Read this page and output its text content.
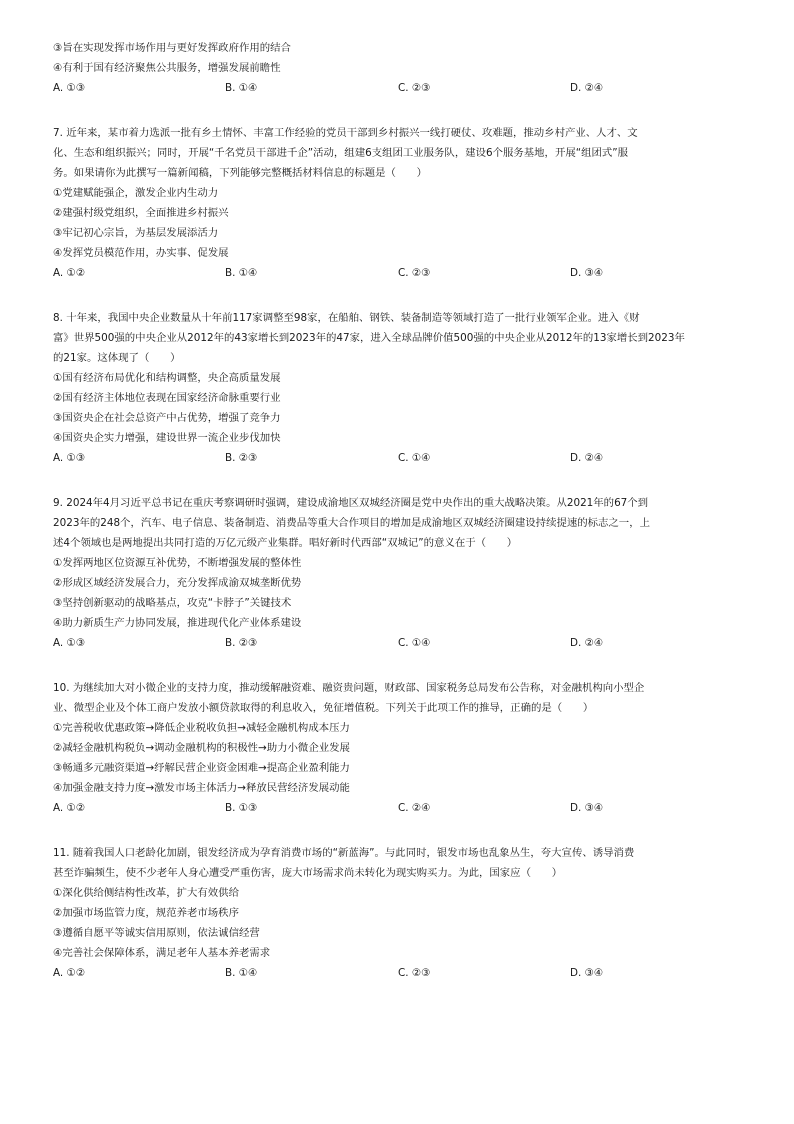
③旨在实现发挥市场作用与更好发挥政府作用的结合
④有利于国有经济聚焦公共服务，增强发展前瞻性
A. ①③	B. ①④	C. ②③	D. ②④
7. 近年来，某市着力选派一批有乡土情怀、丰富工作经验的党员干部到乡村振兴一线打硬仗、攻难题，推动乡村产业、人才、文
化、生态和组织振兴；同时，开展“千名党员干部进千企”活动，组建6支组团工业服务队，建设6个服务基地，开展“组团式”服
务。如果请你为此撰写一篇新闻稿，下列能够完整概括材料信息的标题是（　　）
①党建赋能强企，激发企业内生动力
②建强村级党组织，全面推进乡村振兴
③牢记初心宗旨，为基层发展添活力
④发挥党员模范作用，办实事、促发展
A. ①②	B. ①④	C. ②③	D. ③④
8. 十年来，我国中央企业数量从十年前117家调整至98家，在船舶、钢铁、装备制造等领域打造了一批行业领军企业。进入《财
富》世界500强的中央企业从2012年的43家增长到2023年的47家，进入全球品牌价值500强的中央企业从2012年的13家增长到2023年
的21家。这体现了（　　）
①国有经济布局优化和结构调整，央企高质量发展
②国有经济主体地位表现在国家经济命脉重要行业
③国资央企在社会总资产中占优势，增强了竞争力
④国资央企实力增强，建设世界一流企业步伐加快
A. ①③	B. ②③	C. ①④	D. ②④
9. 2024年4月习近平总书记在重庆考察调研时强调，建设成渝地区双城经济圈是党中央作出的重大战略决策。从2021年的67个到
2023年的248个，汽车、电子信息、装备制造、消费品等重大合作项目的增加是成渝地区双城经济圈建设持续提速的标志之一，上
述4个领域也是两地提出共同打造的万亿元级产业集群。唱好新时代西部“双城记”的意义在于（　　）
①发挥两地区位资源互补优势，不断增强发展的整体性
②形成区域经济发展合力，充分发挥成渝双城垄断优势
③坚持创新驱动的战略基点，攻克“卡脖子”关键技术
④助力新质生产力协同发展，推进现代化产业体系建设
A. ①③	B. ②③	C. ①④	D. ②④
10. 为继续加大对小微企业的支持力度，推动缓解融资难、融资贵问题，财政部、国家税务总局发布公告称，对金融机构向小型企
业、微型企业及个体工商户发放小额贷款取得的利息收入，免征增值税。下列关于此项工作的推导，正确的是（　　）
①完善税收优惠政策→降低企业税收负担→减轻金融机构成本压力
②减轻金融机构税负→调动金融机构的积极性→助力小微企业发展
③畅通多元融资渠道→纾解民营企业资金困难→提高企业盈利能力
④加强金融支持力度→激发市场主体活力→释放民营经济发展动能
A. ①②	B. ①③	C. ②④	D. ③④
11. 随着我国人口老龄化加剧，银发经济成为孕育消费市场的“新蓝海”。与此同时，银发市场也乱象丛生，夸大宣传、诱导消费
甚至诈骗频生，使不少老年人身心遭受严重伤害，庞大市场需求尚未转化为现实购买力。为此，国家应（　　）
①深化供给侧结构性改革，扩大有效供给
②加强市场监管力度，规范养老市场秩序
③遵循自愿平等诚实信用原则，依法诚信经营
④完善社会保障体系，满足老年人基本养老需求
A. ①②	B. ①④	C. ②③	D. ③④
